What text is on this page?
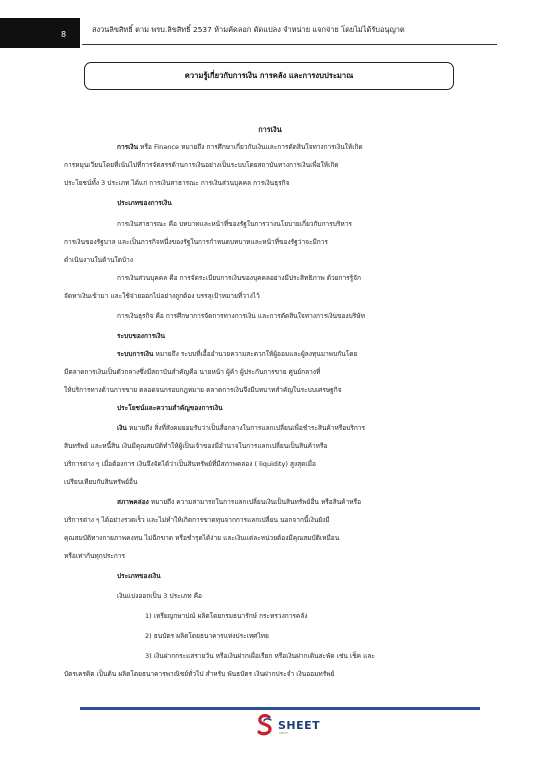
8
สงวนลิขสิทธิ์ ตาม พรบ.ลิขสิทธิ์ 2537 ห้ามคัดลอก ดัดแปลง จำหน่าย แจกจ่าย โดยไม่ได้รับอนุญาต
ความรู้เกี่ยวกับการเงิน การคลัง และการงบประมาณ
การเงิน
การเงิน หรือ Finance หมายถึง การศึกษาเกี่ยวกับเงินและการตัดสินใจทางการเงินให้เกิด
การหมุนเวียนโดยที่เน้นไปที่การจัดสรรด้านการเงินอย่างเป็นระบบโดยสถาบันทางการเงินเพื่อให้เกิด
ประโยชน์ทั้ง 3 ประเภท ได้แก่ การเงินสาธารณะ การเงินส่วนบุคคล การเงินธุรกิจ
ประเภทของการเงิน
การเงินสาธารณะ คือ บทบาทและหน้าที่ของรัฐในการวางนโยบายเกี่ยวกับการบริหาร
การเงินของรัฐบาล และเป็นภารกิจหนึ่งของรัฐในการกำหนดบทบาทและหน้าที่ของรัฐว่าจะมีการ
ดำเนินงานในด้านใดบ้าง
การเงินส่วนบุคคล คือ การจัดระเบียบการเงินของบุคคลอย่างมีประสิทธิภาพ ด้วยการรู้จัก
จัดหาเงินเข้ามา และใช้จ่ายออกไปอย่างถูกต้อง บรรลุเป้าหมายที่วางไว้
การเงินธุรกิจ คือ การศึกษาการจัดการทางการเงิน และการตัดสินใจทางการเงินของบริษัท
ระบบของการเงิน
ระบบการเงิน หมายถึง ระบบที่เอื้ออำนวยความสะดวกให้ผู้ออมและผู้ลงทุนมาพบกันโดย
มีตลาดการเงินเป็นตัวกลางซึ่งมีสถาบันสำคัญคือ นายหน้า ผู้ค้า ผู้ประกันการขาย ศูนย์กลางที่
ให้บริการทางด้านการขาย ตลอดจนกรอบกฎหมาย ตลาดการเงินจึงมีบทบาทสำคัญในระบบเศรษฐกิจ
ประโยชน์และความสำคัญของการเงิน
เงิน หมายถึง สิ่งที่สังคมยอมรับว่าเป็นสื่อกลางในการแลกเปลี่ยนเพื่อชำระสินค้าหรือบริการ
สินทรัพย์ และหนี้สิน เงินมีคุณสมบัติทำให้ผู้เป็นเจ้าของมีอำนาจในการแลกเปลี่ยนเป็นสินค้าหรือ
บริการต่าง ๆ เมื่อต้องการ เงินจึงจัดได้ว่าเป็นสินทรัพย์ที่มีสภาพคล่อง ( liquidity) สูงสุดเมื่อ
เปรียบเทียบกับสินทรัพย์อื่น
สภาพคล่อง หมายถึง ความสามารถในการแลกเปลี่ยนเงินเป็นสินทรัพย์อื่น หรือสินค้าหรือ
บริการต่าง ๆ ได้อย่างรวดเร็ว และไม่ทำให้เกิดการขาดทุนจากการแลกเปลี่ยน นอกจากนี้เงินยังมี
คุณสมบัติทางกายภาพคงทน ไม่ฉีกขาด หรือชำรุดได้ง่าย และเงินแต่ละหน่วยต้องมีคุณสมบัติเหมือน
หรือเท่ากันทุกประการ
ประเภทของเงิน
เงินแบ่งออกเป็น 3 ประเภท คือ
1) เหรียญกษาปณ์ ผลิตโดยกรมธนารักษ์ กระทรวงการคลัง
2) ธนบัตร ผลิตโดยธนาคารแห่งประเทศไทย
3) เงินฝากกระแสรายวัน หรือเงินฝากเผื่อเรียก หรือเงินฝากเดินสะพัด เช่น เช็ค และ
บัตรเครดิต เป็นต้น ผลิตโดยธนาคารพาณิชย์ทั่วไป สำหรับ พันธบัตร เงินฝากประจำ เงินออมทรัพย์
SHEET
store
